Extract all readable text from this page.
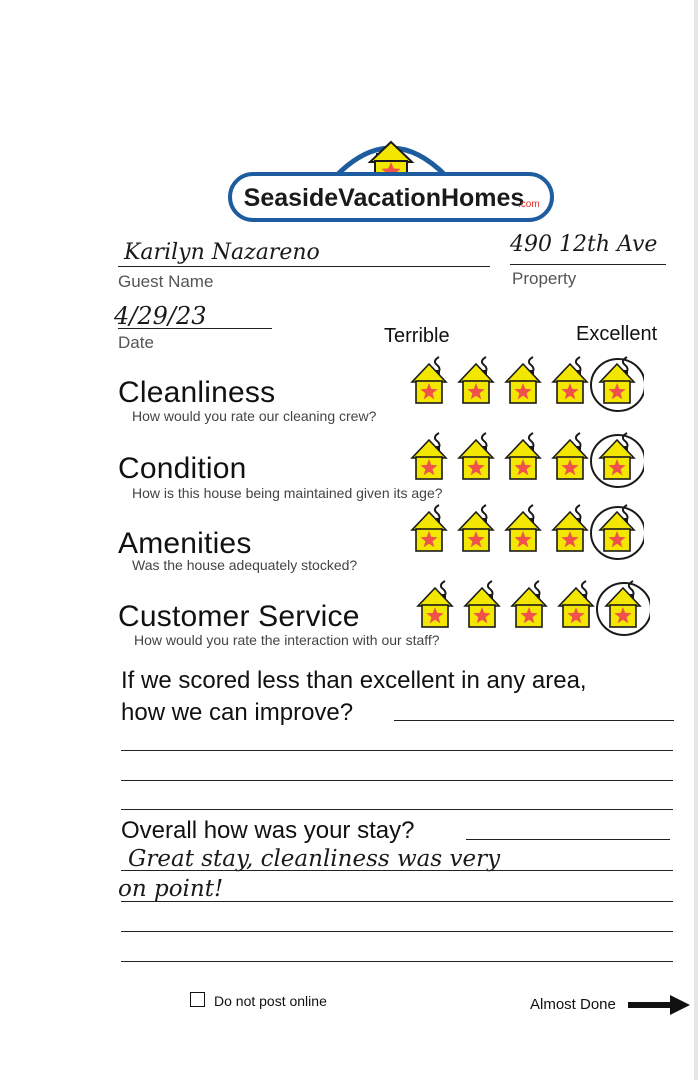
SeasideVacationHomes
.com
Karilyn Nazareno
Guest Name
490 12th Ave
Property
4/29/23
Date	Terrible	Excellent
Cleanliness
How would you rate our cleaning crew?
Condition
How is this house being maintained given its age?
Amenities
Was the house adequately stocked?
Customer Service
How would you rate the interaction with our staff?
If we scored less than excellent in any area,
how we can improve?
Overall how was your stay?
Great stay, cleanliness was very
on point!
Do not post online	Almost Done
